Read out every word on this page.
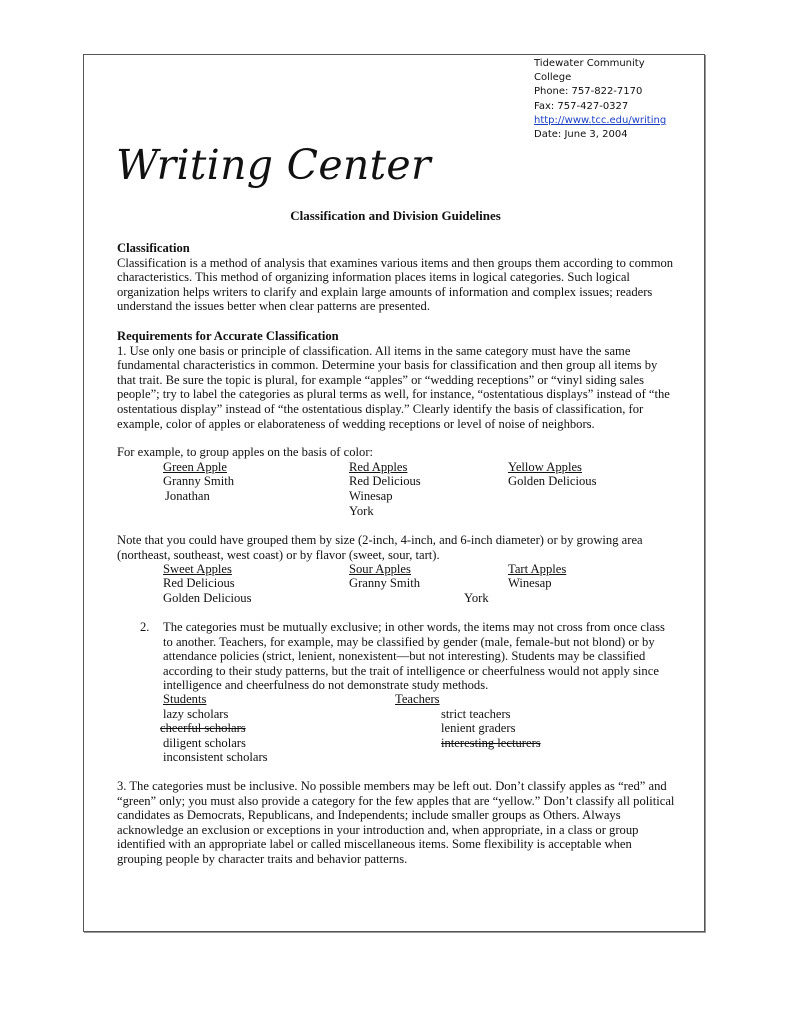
Tidewater Community
College
Phone: 757-822-7170
Fax: 757-427-0327
http://www.tcc.edu/writing
Date: June 3, 2004
Writing Center
Classification and Division Guidelines

Classification

Classification is a method of analysis that examines various items and then groups them according to common characteristics. This method of organizing information places items in logical categories. Such logical organization helps writers to clarify and explain large amounts of information and complex issues; readers understand the issues better when clear patterns are presented.

Requirements for Accurate Classification

1. Use only one basis or principle of classification. All items in the same category must have the same fundamental characteristics in common. Determine your basis for classification and then group all items by that trait. Be sure the topic is plural, for example “apples” or “wedding receptions” or “vinyl siding sales people”; try to label the categories as plural terms as well, for instance, “ostentatious displays” instead of “the ostentatious display” instead of “the ostentatious display.” Clearly identify the basis of classification, for example, color of apples or elaborateness of wedding receptions or level of noise of neighbors.

For example, to group apples on the basis of color:
Green Apple
Granny Smith
Jonathan
Red Apples
Red Delicious
Winesap
York
Yellow Apples
Golden Delicious
Note that you could have grouped them by size (2-inch, 4-inch, and 6-inch diameter) or by growing area (northeast, southeast, west coast) or by flavor (sweet, sour, tart).
Sweet Apples
Red Delicious
Golden Delicious
Sour Apples
Granny Smith
Tart Apples
Winesap
York
2. The categories must be mutually exclusive; in other words, the items may not cross from once class to another. Teachers, for example, may be classified by gender (male, female-but not blond) or by attendance policies (strict, lenient, nonexistent—but not interesting). Students may be classified according to their study patterns, but the trait of intelligence or cheerfulness would not apply since intelligence and cheerfulness do not demonstrate study methods.
Students
lazy scholars
cheerful scholars
diligent scholars
inconsistent scholars
Teachers
strict teachers
lenient graders
interesting lecturers
3. The categories must be inclusive. No possible members may be left out. Don’t classify apples as “red” and “green” only; you must also provide a category for the few apples that are “yellow.” Don’t classify all political candidates as Democrats, Republicans, and Independents; include smaller groups as Others. Always acknowledge an exclusion or exceptions in your introduction and, when appropriate, in a class or group identified with an appropriate label or called miscellaneous items. Some flexibility is acceptable when grouping people by character traits and behavior patterns.
